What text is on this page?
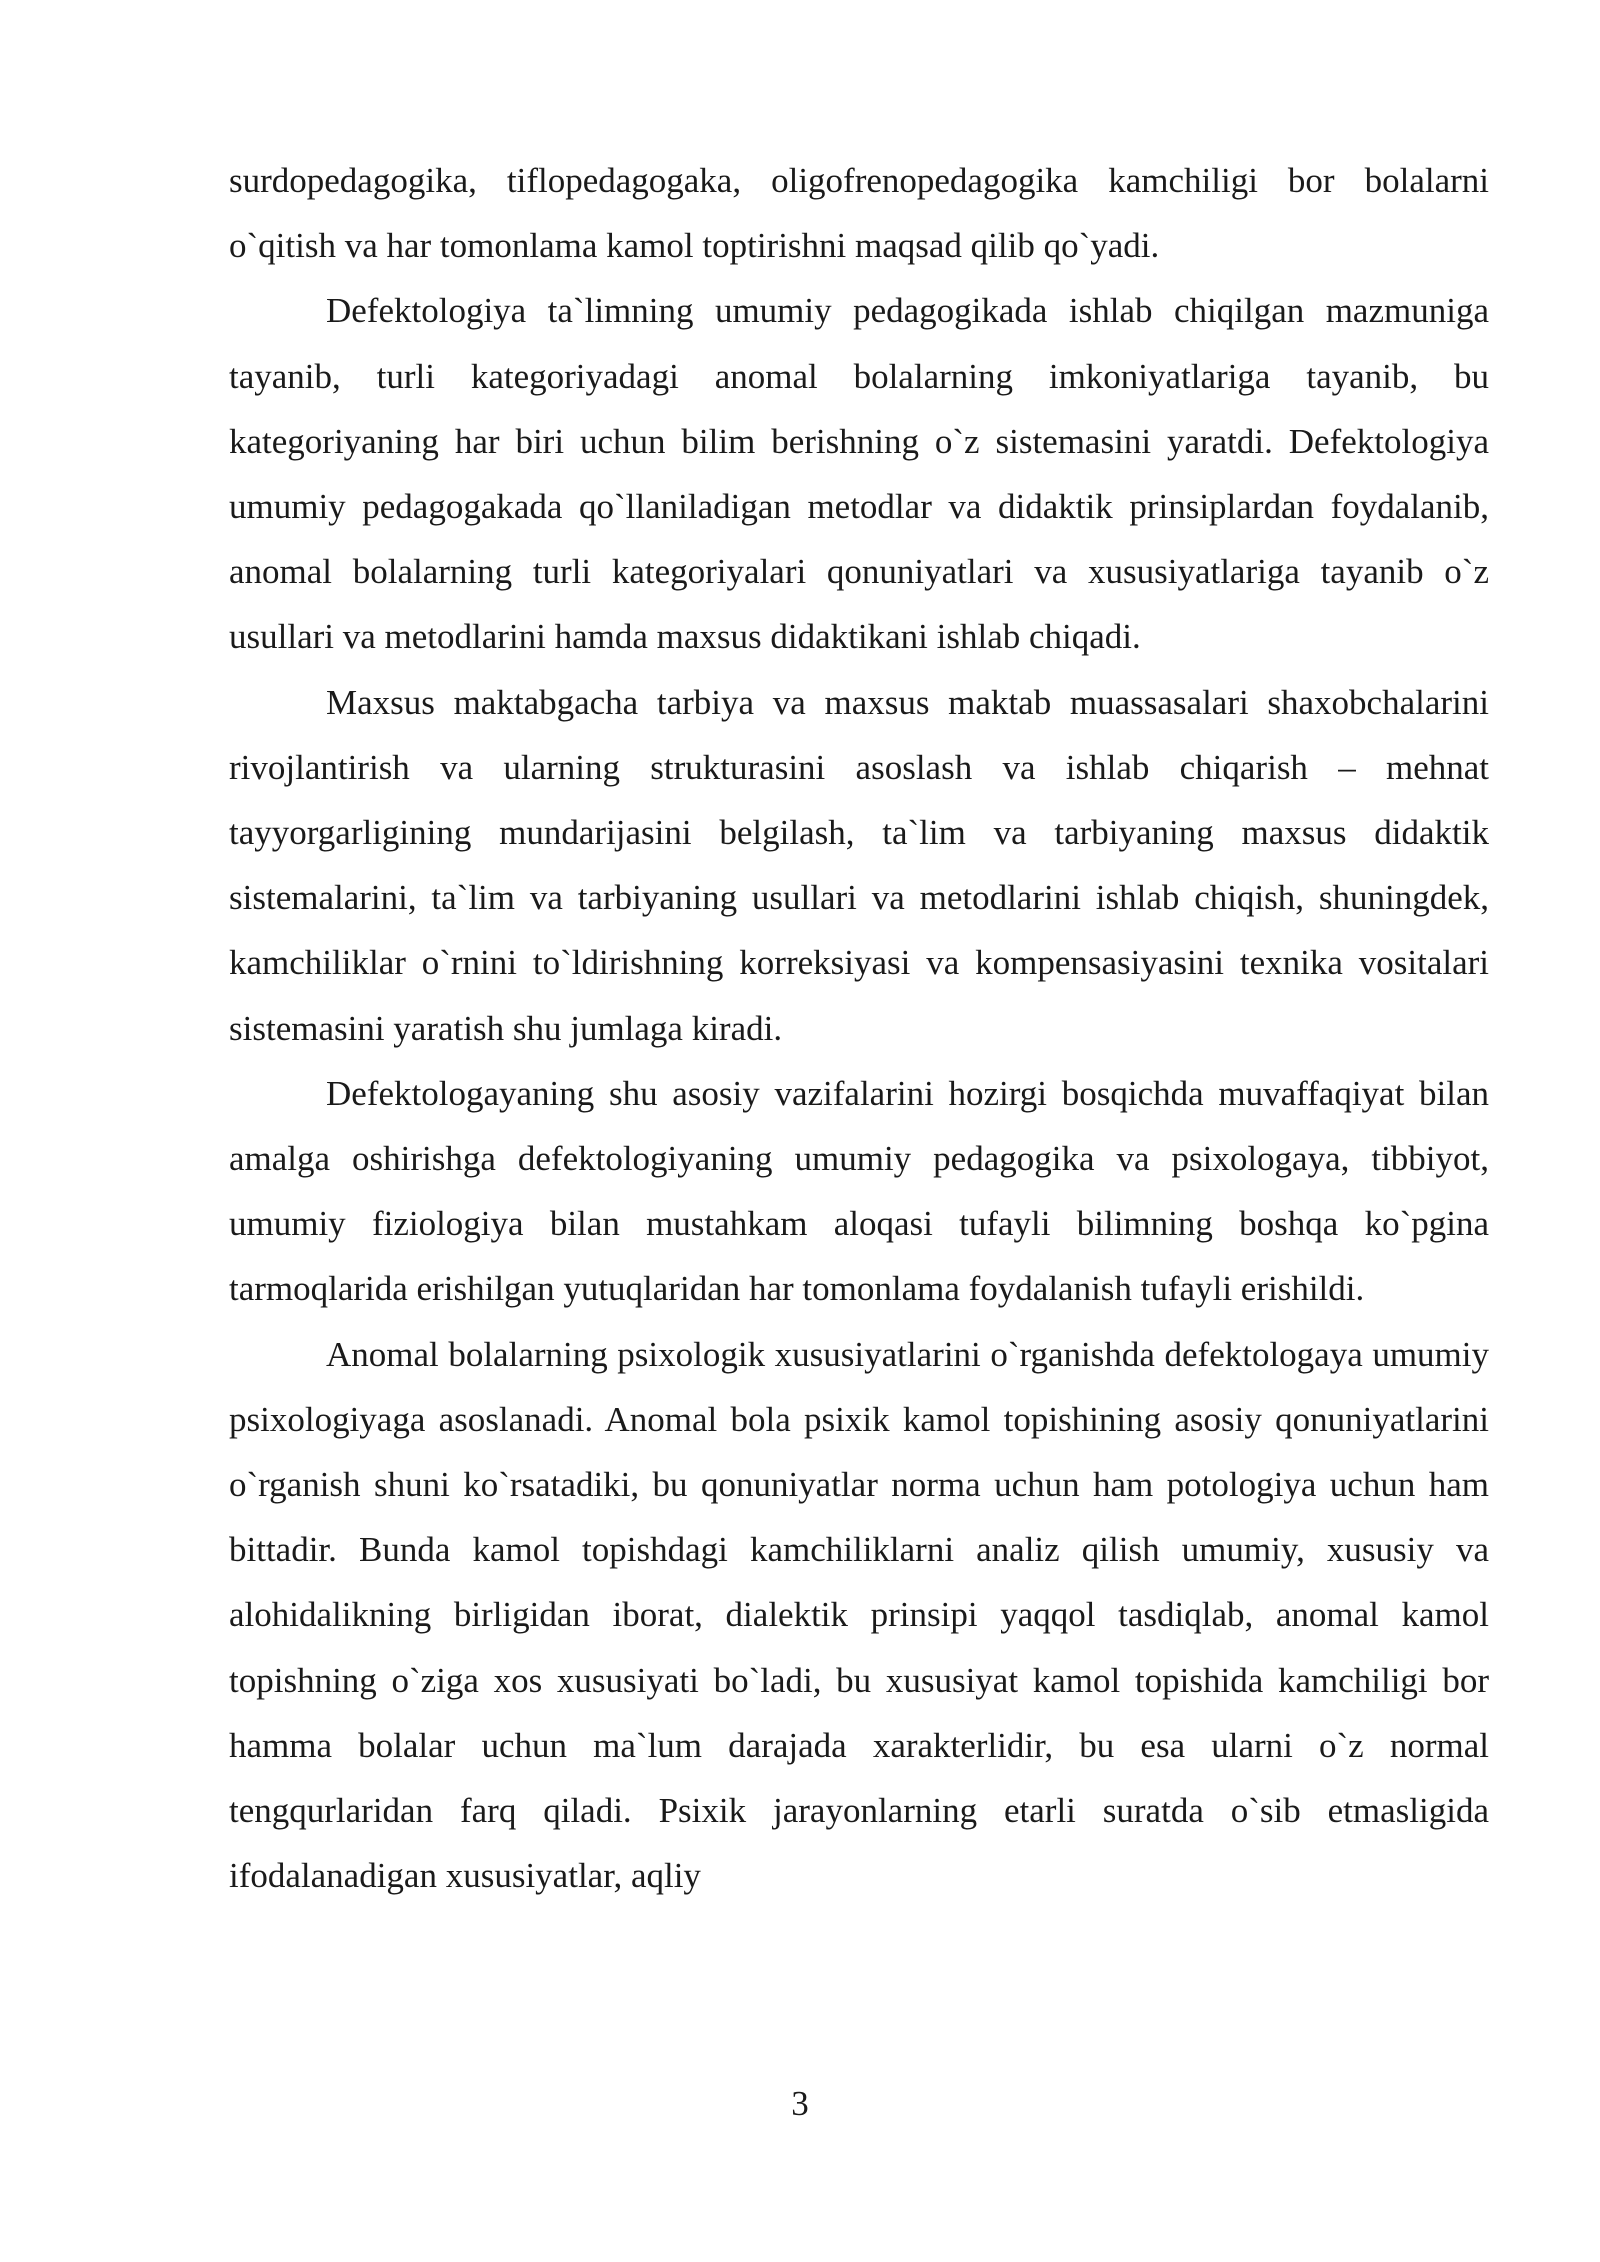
surdopedagogika, tiflopedagogaka, oligofrenopedagogika kamchiligi bor bolalarni o`qitish va har tomonlama kamol toptirishni maqsad qilib qo`yadi.

Defektologiya ta`limning umumiy pedagogikada ishlab chiqilgan mazmuniga tayanib, turli kategoriyadagi anomal bolalarning imkoniyatlariga tayanib, bu kategoriyaning har biri uchun bilim berishning o`z sistemasini yaratdi. Defektologiya umumiy pedagogakada qo`llaniladigan metodlar va didaktik prinsiplardan foydalanib, anomal bolalarning turli kategoriyalari qonuniyatlari va xususiyatlariga tayanib o`z usullari va metodlarini hamda maxsus didaktikani ishlab chiqadi.

Maxsus maktabgacha tarbiya va maxsus maktab muassasalari shaxobchalarini rivojlantirish va ularning strukturasini asoslash va ishlab chiqarish – mehnat tayyorgarligining mundarijasini belgilash, ta`lim va tarbiyaning maxsus didaktik sistemalarini, ta`lim va tarbiyaning usullari va metodlarini ishlab chiqish, shuningdek, kamchiliklar o`rnini to`ldirishning korreksiyasi va kompensasiyasini texnika vositalari sistemasini yaratish shu jumlaga kiradi.

Defektologayaning shu asosiy vazifalarini hozirgi bosqichda muvaffaqiyat bilan amalga oshirishga defektologiyaning umumiy pedagogika va psixologaya, tibbiyot, umumiy fiziologiya bilan mustahkam aloqasi tufayli bilimning boshqa ko`pgina tarmoqlarida erishilgan yutuqlaridan har tomonlama foydalanish tufayli erishildi.

Anomal bolalarning psixologik xususiyatlarini o`rganishda defektologaya umumiy psixologiyaga asoslanadi. Anomal bola psixik kamol topishining asosiy qonuniyatlarini o`rganish shuni ko`rsatadiki, bu qonuniyatlar norma uchun ham potologiya uchun ham bittadir. Bunda kamol topishdagi kamchiliklarni analiz qilish umumiy, xususiy va alohidalikning birligidan iborat, dialektik prinsipi yaqqol tasdiqlab, anomal kamol topishning o`ziga xos xususiyati bo`ladi, bu xususiyat kamol topishida kamchiligi bor hamma bolalar uchun ma`lum darajada xarakterlidir, bu esa ularni o`z normal tengqurlaridan farq qiladi. Psixik jarayonlarning etarli suratda o`sib etmasligida ifodalanadigan xususiyatlar, aqliy

3
